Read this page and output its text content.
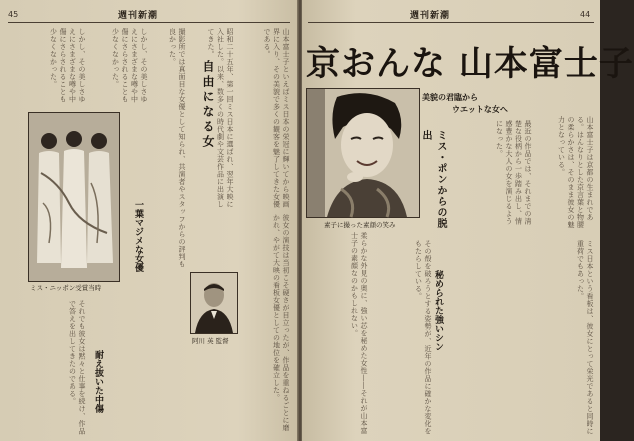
45	週刊新潮
山本富士子といえばミス日本の栄冠に輝いてから映画界に入り、その美貌で多くの観客を魅了してきた女優である。
昭和二十五年、第一回ミス日本に選ばれ、翌年大映に入社した。以来、数多くの時代劇や文芸作品に出演してきた。
彼女の演技は当初こそ硬さが目立ったが、作品を重ねるごとに磨かれ、やがて大映の看板女優としての地位を確立した。
撮影所では真面目な女優として知られ、共演者やスタッフからの評判も良かった。
しかし、その美しさゆえにさまざまな噂や中傷にさらされることも少なくなかった。
それでも彼女は黙々と仕事を続け、作品で答えを出してきたのである。
しかし、その美しさゆえにさまざまな噂や中傷にさらされることも少なくなかった。
自由になる女
ミス・ニッポン受賞当時
一葉マジメな女優
耐え抜いた中傷
阿川 英 監督
週刊新潮	44
京おんな 山本富士子
美貌の君臨から
ウエットな女へ
素子に撮った素顔の笑み	ミス・ポンからの脱出	山本富士子は京都の生まれである。はんなりとした京言葉と物腰の柔らかさは、そのまま彼女の魅力となっている。
最近の作品では、それまでの清楚な役柄から一歩踏み出し、情感豊かな大人の女を演じるようになった。
ミス日本という看板は、彼女にとって栄光であると同時に重荷でもあった。
その殻を破ろうとする姿勢が、近年の作品に確かな変化をもたらしている。
柔らかな外見の奥に、強い芯を秘めた女性――それが山本富士子の素顔なのかもしれない。	秘められた強いシン
